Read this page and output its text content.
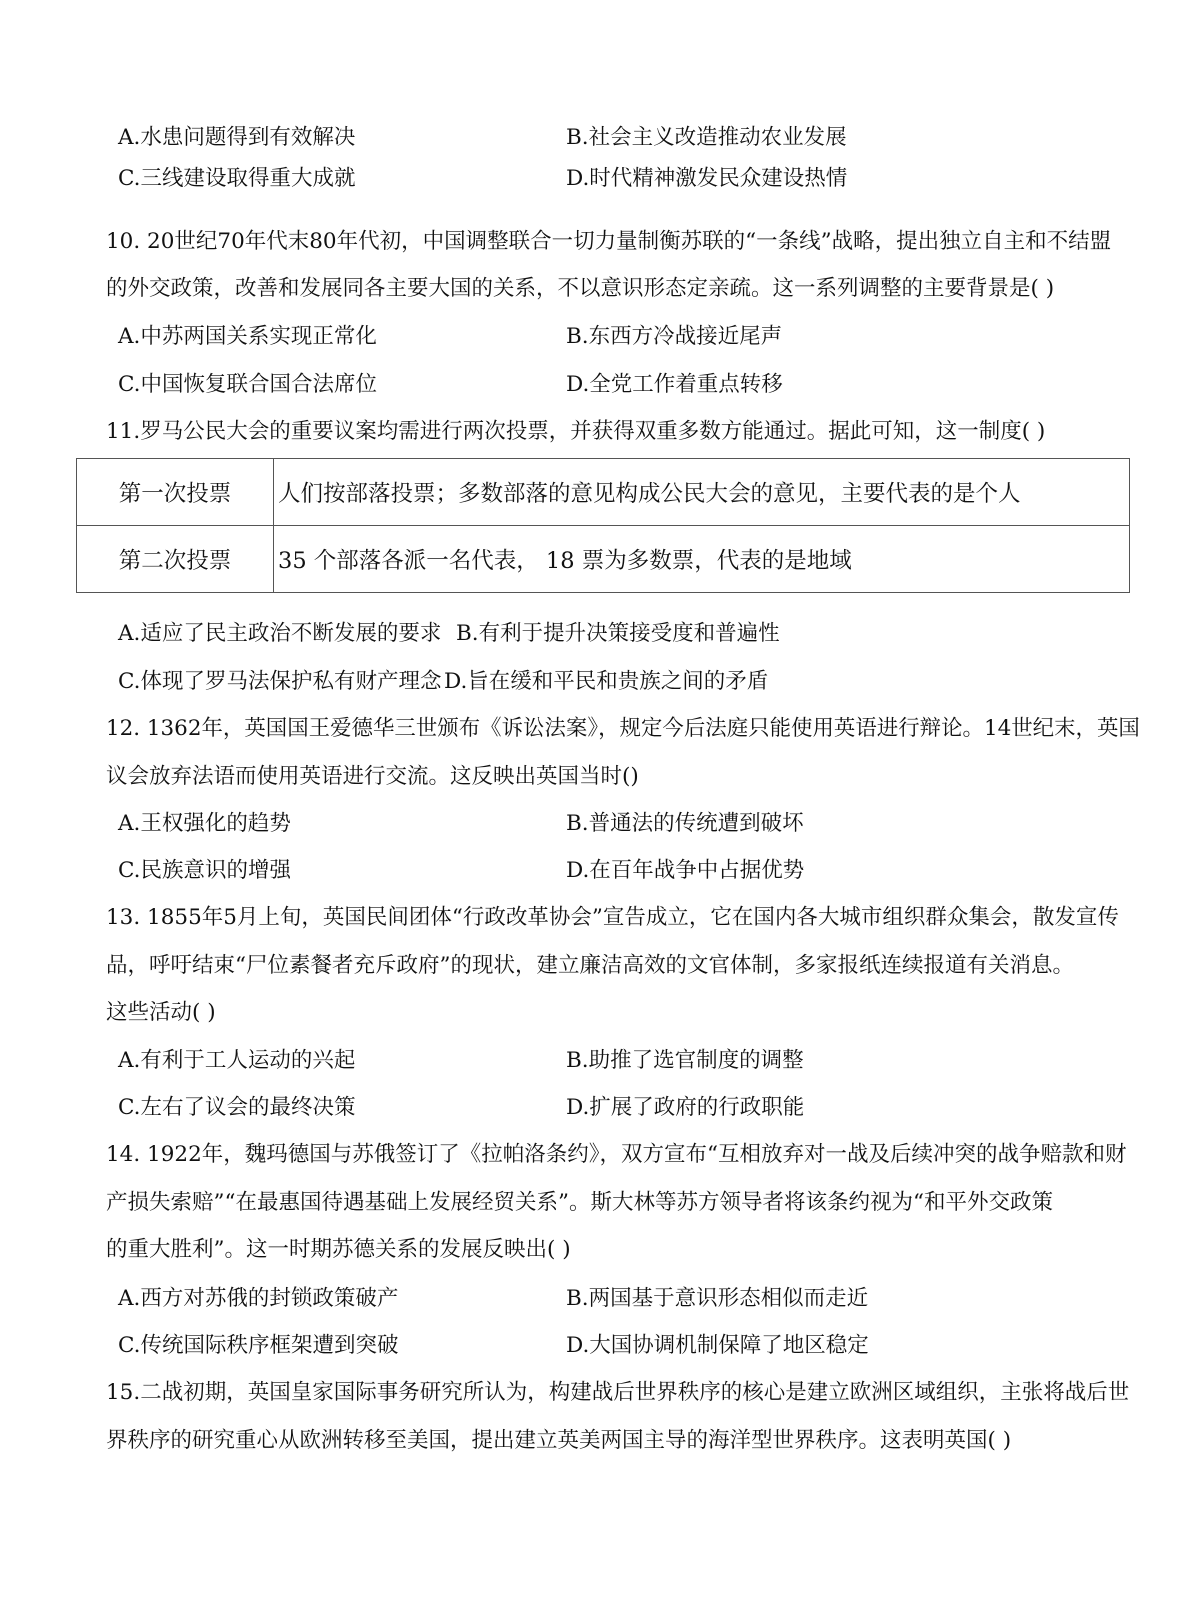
A.水患问题得到有效解决	B.社会主义改造推动农业发展
C.三线建设取得重大成就	D.时代精神激发民众建设热情
10. 20世纪70年代末80年代初，中国调整联合一切力量制衡苏联的“一条线”战略，提出独立自主和不结盟
的外交政策，改善和发展同各主要大国的关系，不以意识形态定亲疏。这一系列调整的主要背景是( )
A.中苏两国关系实现正常化	B.东西方冷战接近尾声
C.中国恢复联合国合法席位	D.全党工作着重点转移
11.罗马公民大会的重要议案均需进行两次投票，并获得双重多数方能通过。据此可知，这一制度( )
第一次投票	人们按部落投票；多数部落的意见构成公民大会的意见，主要代表的是个人
第二次投票	35 个部落各派一名代表， 18 票为多数票，代表的是地域
A.适应了民主政治不断发展的要求 B.有利于提升决策接受度和普遍性
C.体现了罗马法保护私有财产理念 D.旨在缓和平民和贵族之间的矛盾
12. 1362年，英国国王爱德华三世颁布《诉讼法案》，规定今后法庭只能使用英语进行辩论。14世纪末，英国
议会放弃法语而使用英语进行交流。这反映出英国当时()
A.王权强化的趋势	B.普通法的传统遭到破坏
C.民族意识的增强	D.在百年战争中占据优势
13. 1855年5月上旬，英国民间团体“行政改革协会”宣告成立，它在国内各大城市组织群众集会，散发宣传
品，呼吁结束“尸位素餐者充斥政府”的现状，建立廉洁高效的文官体制，多家报纸连续报道有关消息。
这些活动( )
A.有利于工人运动的兴起	B.助推了选官制度的调整
C.左右了议会的最终决策	D.扩展了政府的行政职能
14. 1922年，魏玛德国与苏俄签订了《拉帕洛条约》，双方宣布“互相放弃对一战及后续冲突的战争赔款和财
产损失索赔”“在最惠国待遇基础上发展经贸关系”。斯大林等苏方领导者将该条约视为“和平外交政策
的重大胜利”。这一时期苏德关系的发展反映出( )
A.西方对苏俄的封锁政策破产	B.两国基于意识形态相似而走近
C.传统国际秩序框架遭到突破	D.大国协调机制保障了地区稳定
15.二战初期，英国皇家国际事务研究所认为，构建战后世界秩序的核心是建立欧洲区域组织，主张将战后世
界秩序的研究重心从欧洲转移至美国，提出建立英美两国主导的海洋型世界秩序。这表明英国( )
